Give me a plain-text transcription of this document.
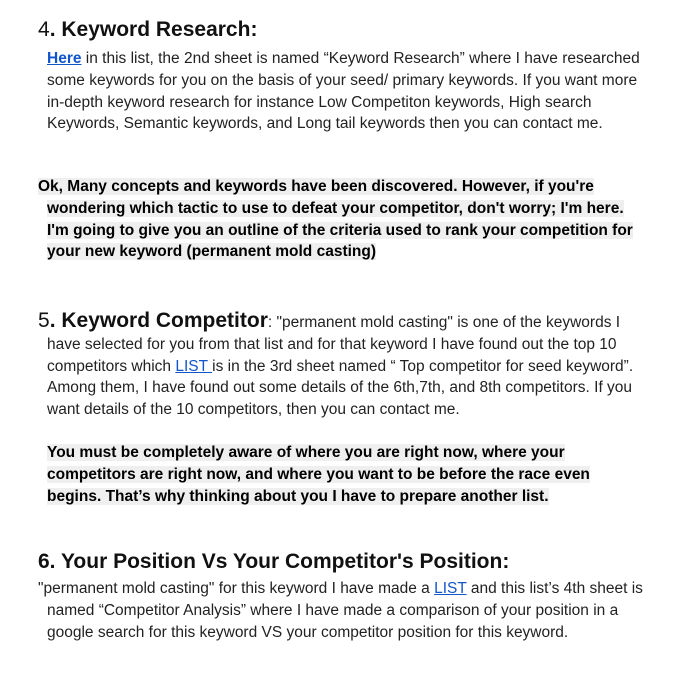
4. Keyword Research:
Here in this list, the 2nd sheet is named “Keyword Research” where I have researched some keywords for you on the basis of your seed/ primary keywords. If you want more in-depth keyword research for instance Low Competiton keywords, High search Keywords, Semantic keywords, and Long tail keywords then you can contact me.
Ok, Many concepts and keywords have been discovered. However, if you're wondering which tactic to use to defeat your competitor, don't worry; I'm here. I'm going to give you an outline of the criteria used to rank your competition for your new keyword (permanent mold casting)
5. Keyword Competitor: "permanent mold casting" is one of the keywords I have selected for you from that list and for that keyword I have found out the top 10 competitors which LIST is in the 3rd sheet named “ Top competitor for seed keyword”. Among them, I have found out some details of the 6th,7th, and 8th competitors. If you want details of the 10 competitors, then you can contact me.
You must be completely aware of where you are right now, where your competitors are right now, and where you want to be before the race even begins. That’s why thinking about you I have to prepare another list.
6. Your Position Vs Your Competitor's Position:
"permanent mold casting" for this keyword I have made a LIST and this list’s 4th sheet is named “Competitor Analysis” where I have made a comparison of your position in a google search for this keyword VS your competitor position for this keyword.
